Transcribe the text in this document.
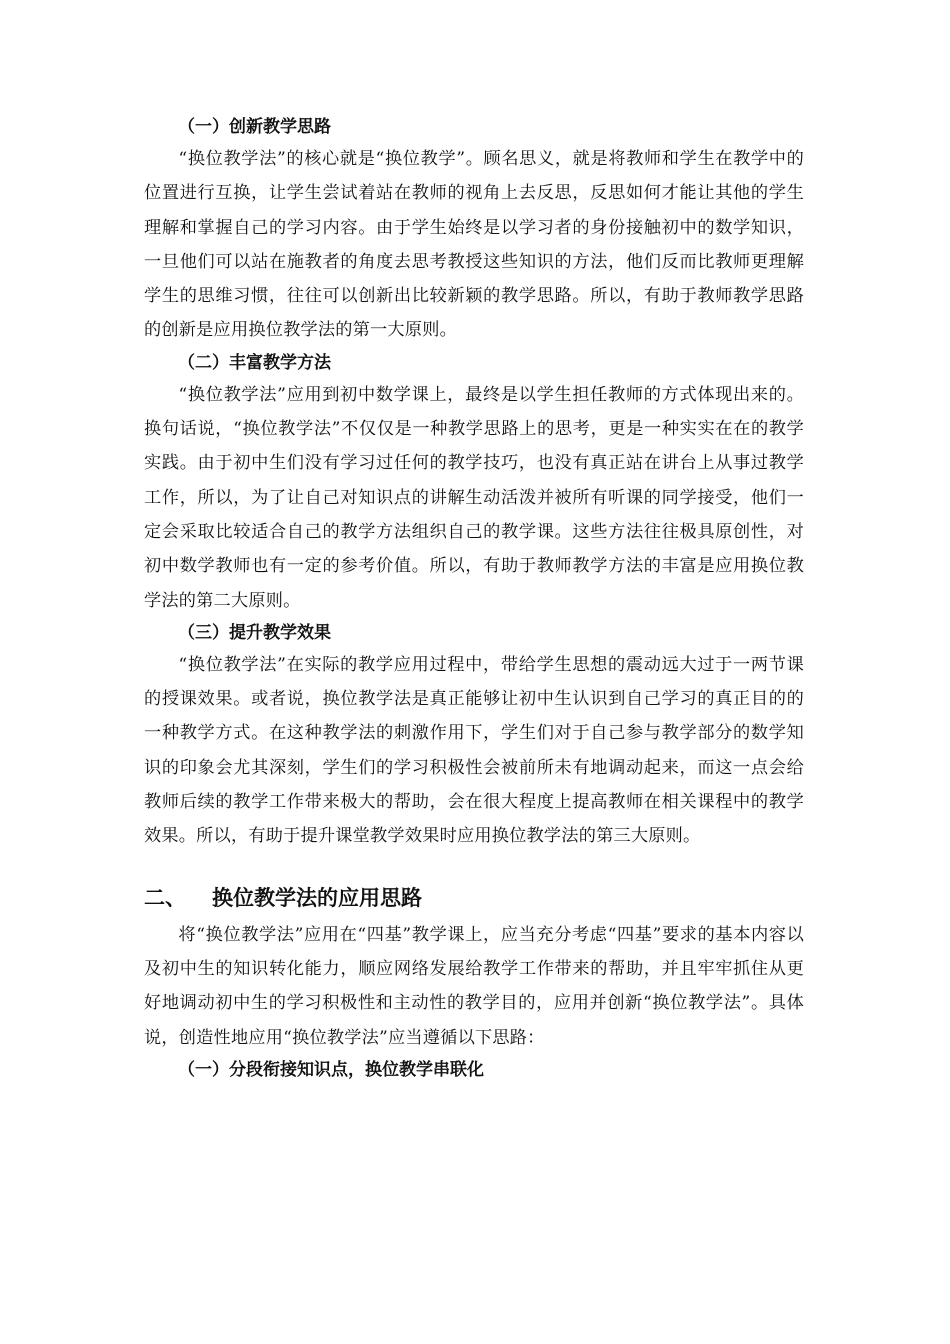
（一）创新教学思路

“换位教学法”的核心就是“换位教学”。顾名思义，就是将教师和学生在教学中的位置进行互换，让学生尝试着站在教师的视角上去反思，反思如何才能让其他的学生理解和掌握自己的学习内容。由于学生始终是以学习者的身份接触初中的数学知识，一旦他们可以站在施教者的角度去思考教授这些知识的方法，他们反而比教师更理解学生的思维习惯，往往可以创新出比较新颖的教学思路。所以，有助于教师教学思路的创新是应用换位教学法的第一大原则。

（二）丰富教学方法

“换位教学法”应用到初中数学课上，最终是以学生担任教师的方式体现出来的。换句话说，“换位教学法”不仅仅是一种教学思路上的思考，更是一种实实在在的教学实践。由于初中生们没有学习过任何的教学技巧，也没有真正站在讲台上从事过教学工作，所以，为了让自己对知识点的讲解生动活泼并被所有听课的同学接受，他们一定会采取比较适合自己的教学方法组织自己的教学课。这些方法往往极具原创性，对初中数学教师也有一定的参考价值。所以，有助于教师教学方法的丰富是应用换位教学法的第二大原则。

（三）提升教学效果

“换位教学法”在实际的教学应用过程中，带给学生思想的震动远大过于一两节课的授课效果。或者说，换位教学法是真正能够让初中生认识到自己学习的真正目的的一种教学方式。在这种教学法的刺激作用下，学生们对于自己参与教学部分的数学知识的印象会尤其深刻，学生们的学习积极性会被前所未有地调动起来，而这一点会给教师后续的教学工作带来极大的帮助，会在很大程度上提高教师在相关课程中的教学效果。所以，有助于提升课堂教学效果时应用换位教学法的第三大原则。

二、 换位教学法的应用思路

将“换位教学法”应用在“四基”教学课上，应当充分考虑“四基”要求的基本内容以及初中生的知识转化能力，顺应网络发展给教学工作带来的帮助，并且牢牢抓住从更好地调动初中生的学习积极性和主动性的教学目的，应用并创新“换位教学法”。具体说，创造性地应用“换位教学法”应当遵循以下思路：

（一）分段衔接知识点，换位教学串联化
